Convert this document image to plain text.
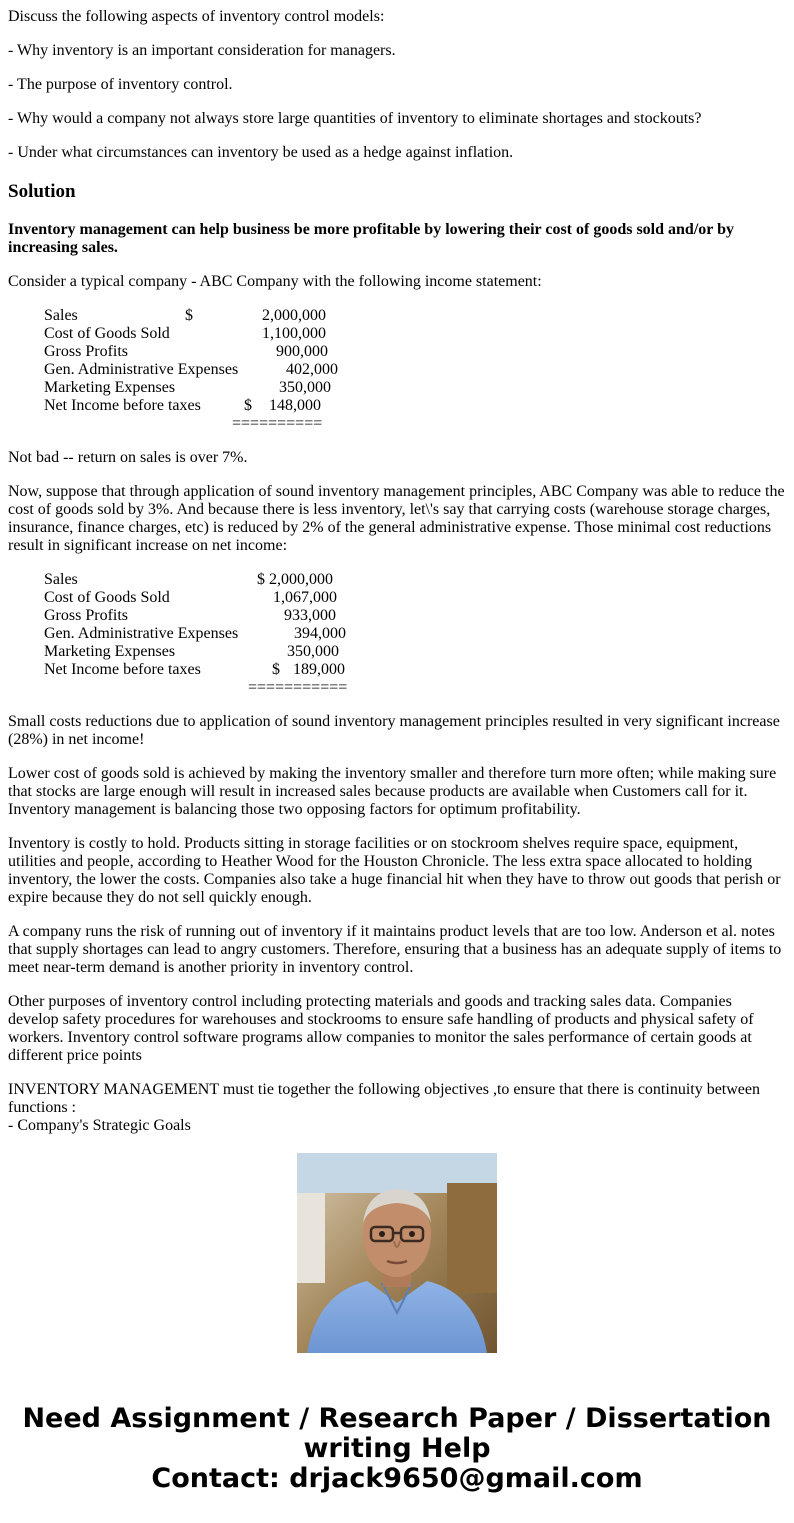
Discuss the following aspects of inventory control models:

- Why inventory is an important consideration for managers.

- The purpose of inventory control.

- Why would a company not always store large quantities of inventory to eliminate shortages and stockouts?

- Under what circumstances can inventory be used as a hedge against inflation.

Solution

Inventory management can help business be more profitable by lowering their cost of goods sold and/or by increasing sales.

Consider a typical company - ABC Company with the following income statement:

Sales	$	2,000,000
Cost of Goods Sold	1,100,000
Gross Profits	900,000
Gen. Administrative Expenses	402,000
Marketing Expenses	350,000
Net Income before taxes	$ 148,000
==========

Not bad -- return on sales is over 7%.

Now, suppose that through application of sound inventory management principles, ABC Company was able to reduce the cost of goods sold by 3%. And because there is less inventory, let\'s say that carrying costs (warehouse storage charges, insurance, finance charges, etc) is reduced by 2% of the general administrative expense. Those minimal cost reductions result in significant increase on net income:

Sales	$ 2,000,000
Cost of Goods Sold	1,067,000
Gross Profits	933,000
Gen. Administrative Expenses	394,000
Marketing Expenses	350,000
Net Income before taxes	$ 189,000
===========

Small costs reductions due to application of sound inventory management principles resulted in very significant increase (28%) in net income!

Lower cost of goods sold is achieved by making the inventory smaller and therefore turn more often; while making sure that stocks are large enough will result in increased sales because products are available when Customers call for it. Inventory management is balancing those two opposing factors for optimum profitability.

Inventory is costly to hold. Products sitting in storage facilities or on stockroom shelves require space, equipment, utilities and people, according to Heather Wood for the Houston Chronicle. The less extra space allocated to holding inventory, the lower the costs. Companies also take a huge financial hit when they have to throw out goods that perish or expire because they do not sell quickly enough.

A company runs the risk of running out of inventory if it maintains product levels that are too low. Anderson et al. notes that supply shortages can lead to angry customers. Therefore, ensuring that a business has an adequate supply of items to meet near-term demand is another priority in inventory control.

Other purposes of inventory control including protecting materials and goods and tracking sales data. Companies develop safety procedures for warehouses and stockrooms to ensure safe handling of products and physical safety of workers. Inventory control software programs allow companies to monitor the sales performance of certain goods at different price points

INVENTORY MANAGEMENT must tie together the following objectives ,to ensure that there is continuity between functions :

- Company's Strategic Goals

Need Assignment / Research Paper / Dissertation
writing Help
Contact: drjack9650@gmail.com
